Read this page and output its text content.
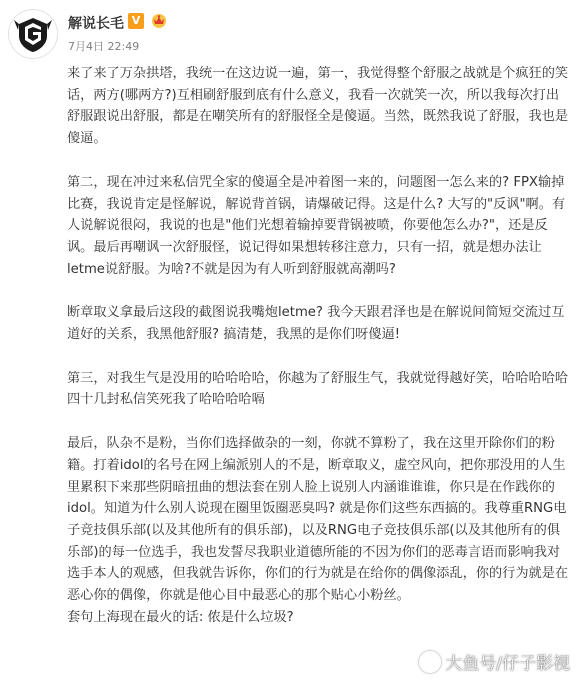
解说长毛 V
7月4日 22:49

来了来了万杂拱塔，我统一在这边说一遍，第一，我觉得整个舒服之战就是个疯狂的笑话，两方(哪两方?)互相刷舒服到底有什么意义，我看一次就笑一次，所以我每次打出舒服跟说出舒服，都是在嘲笑所有的舒服怪全是傻逼。当然，既然我说了舒服，我也是傻逼。

第二，现在冲过来私信咒全家的傻逼全是冲着图一来的，问题图一怎么来的? FPX输掉比赛，我说肯定是怪解说，解说背首锅，请爆破记得。这是什么? 大写的"反讽"啊。有人说解说很闷，我说的也是"他们光想着输掉要背锅被喷，你要他怎么办?"，还是反讽。最后再嘲讽一次舒服怪，说记得如果想转移注意力，只有一招，就是想办法让letme说舒服。为啥?不就是因为有人听到舒服就高潮吗?

断章取义拿最后这段的截图说我嘴炮letme? 我今天跟君泽也是在解说间简短交流过互道好的关系，我黑他舒服? 搞清楚，我黑的是你们呀傻逼!

第三，对我生气是没用的哈哈哈哈，你越为了舒服生气，我就觉得越好笑，哈哈哈哈哈四十几封私信笑死我了哈哈哈哈嗝

最后，队杂不是粉，当你们选择做杂的一刻，你就不算粉了，我在这里开除你们的粉籍。打着idol的名号在网上编派别人的不是，断章取义，虚空风向，把你那没用的人生里累积下来那些阴暗扭曲的想法套在别人脸上说别人内涵谁谁谁，你只是在作践你的idol。知道为什么别人说现在圈里饭圈恶臭吗? 就是你们这些东西搞的。我尊重RNG电子竞技俱乐部(以及其他所有的俱乐部)，以及RNG电子竞技俱乐部(以及其他所有的俱乐部)的每一位选手，我也发誓尽我职业道德所能的不因为你们的恶毒言语而影响我对选手本人的观感，但我就告诉你，你们的行为就是在给你的偶像添乱，你的行为就是在恶心你的偶像，你就是他心目中最恶心的那个贴心小粉丝。

套句上海现在最火的话: 侬是什么垃圾?

大鱼号/仔子影视
